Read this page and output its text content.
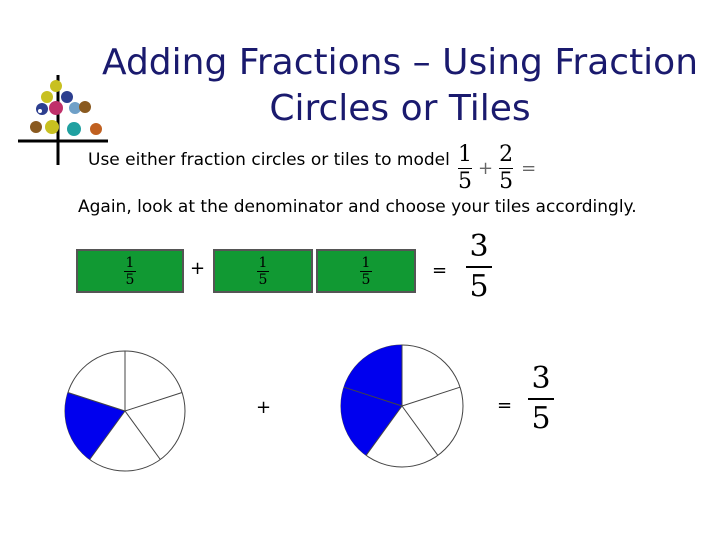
Adding Fractions – Using Fraction
Circles or Tiles
Use either fraction circles or tiles to model $\frac{1}{5} + \frac{2}{5}$ =
Again, look at the denominator and choose your tiles accordingly.
$\frac{1}{5}$	+	$\frac{1}{5}$	$\frac{1}{5}$	=
3
5
+	=
3
5
